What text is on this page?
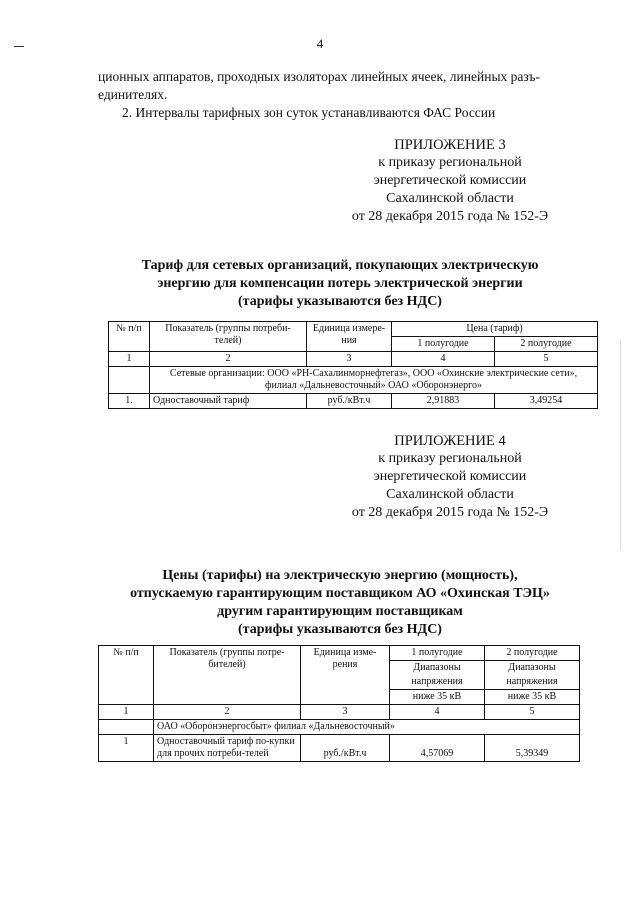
4
ционных аппаратов, проходных изоляторах линейных ячеек, линейных разъ-
единителях.
2. Интервалы тарифных зон суток устанавливаются ФАС России
ПРИЛОЖЕНИЕ 3
к приказу региональной
энергетической комиссии
Сахалинской области
от 28 декабря 2015 года № 152-Э
Тариф для сетевых организаций, покупающих электрическую
энергию для компенсации потерь электрической энергии
(тарифы указываются без НДС)
№ п/п	Показатель (группы потреби-телей)	Единица измере-ния	Цена (тариф)	
			1 полугодие	2 полугодие
1	2	3	4	5
	Сетевые организации: ООО «РН-Сахалинморнефтегаз», ООО «Охинские электрические сети», филиал «Дальневосточный» ОАО «Оборонэнерго»			
1.	Одноставочный тариф	руб./кВт.ч	2,91883	3,49254
ПРИЛОЖЕНИЕ 4
к приказу региональной
энергетической комиссии
Сахалинской области
от 28 декабря 2015 года № 152-Э
Цены (тарифы) на электрическую энергию (мощность),
отпускаемую гарантирующим поставщиком АО «Охинская ТЭЦ»
другим гарантирующим поставщикам
(тарифы указываются без НДС)
№ п/п	Показатель (группы потре-бителей)	Единица изме-рения	1 полугодие	2 полугодие
			Диапазоны	Диапазоны
			напряжения	напряжения
			ниже 35 кВ	ниже 35 кВ
1	2	3	4	5
	ОАО «Оборонэнергосбыт» филиал «Дальневосточный»			
1	Одноставочный тариф по-купки для прочих потреби-телей	руб./кВт.ч	4,57069	5,39349
